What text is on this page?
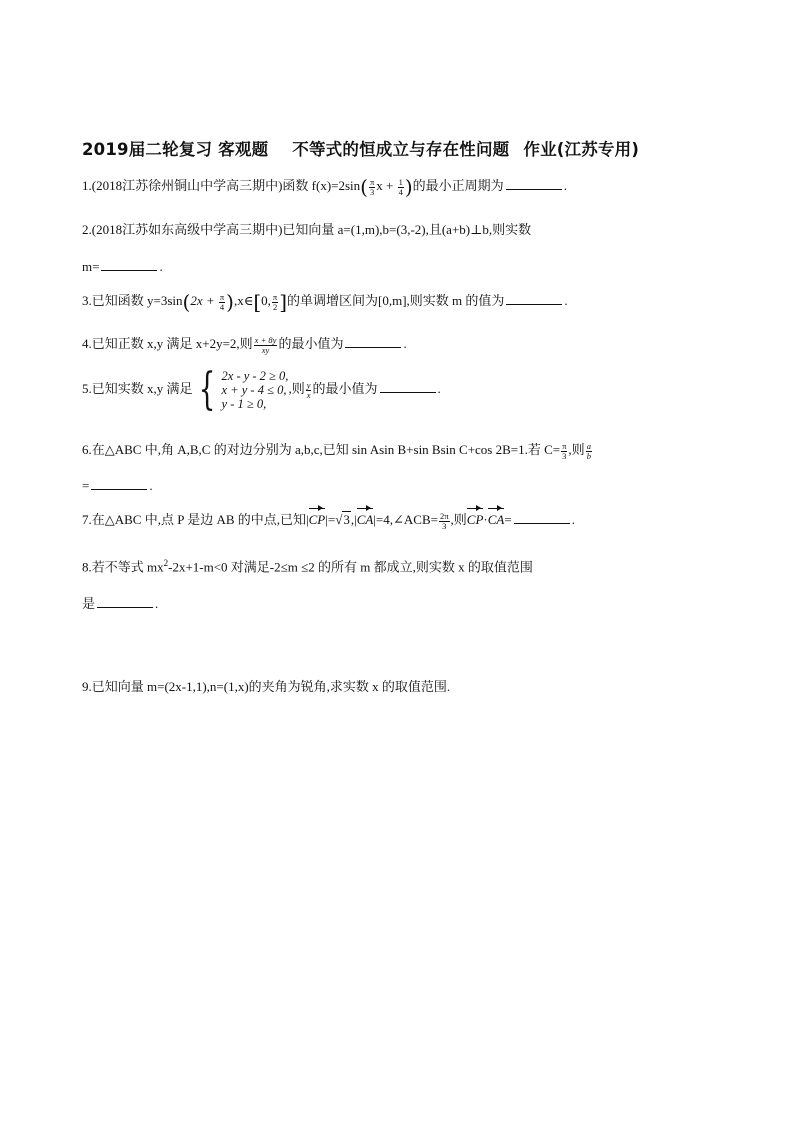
2019届二轮复习 客观题 不等式的恒成立与存在性问题 作业(江苏专用)
1.(2018江苏徐州铜山中学高三期中)函数 $f(x)=2\sin( \frac{\pi}{3}$ $x + \frac{1}{4}$ )的最小正周期为	.
2.(2018江苏如东高级中学高三期中)已知向量 a=(1,m),b=(3,-2),且(a+b)⊥b,则实数
m=	.
3.已知函数 $y=3\sin(2x + \frac{\pi}{4}$ ),x∈[0, $\frac{\pi}{2}$ ]的单调增区间为[0,m],则实数 m 的值为	.
4.已知正数 x,y 满足 x+2y=2,则 $\frac{x + 8y}{xy}$ 的最小值为	.
5.已知实数 x,y 满足 { 2x - y - 2 ≥ 0,
x + y - 4 ≤ 0,
y - 1 ≥ 0,
,则 $\frac{y}{x}$ 的最小值为	.
6.在△ABC 中,角 A,B,C 的对边分别为 a,b,c,已知 sin Asin B+sin Bsin C+cos 2B=1.若 $C= \frac{\pi}{3}$ ,则 $\frac{a}{b}$
=	.
7.在△ABC 中,点 P 是边 AB 的中点,已知|CP|=√3,|CA|=4,∠ACB= $\frac{2\pi}{3}$ ,则CP·CA=	.
8.若不等式 $mx^2-2x+1-m<0$ 对满足-2≤m ≤2 的所有 m 都成立,则实数 x 的取值范围
是	.
9.已知向量 m=(2x-1,1),n=(1,x)的夹角为锐角,求实数 x 的取值范围.
